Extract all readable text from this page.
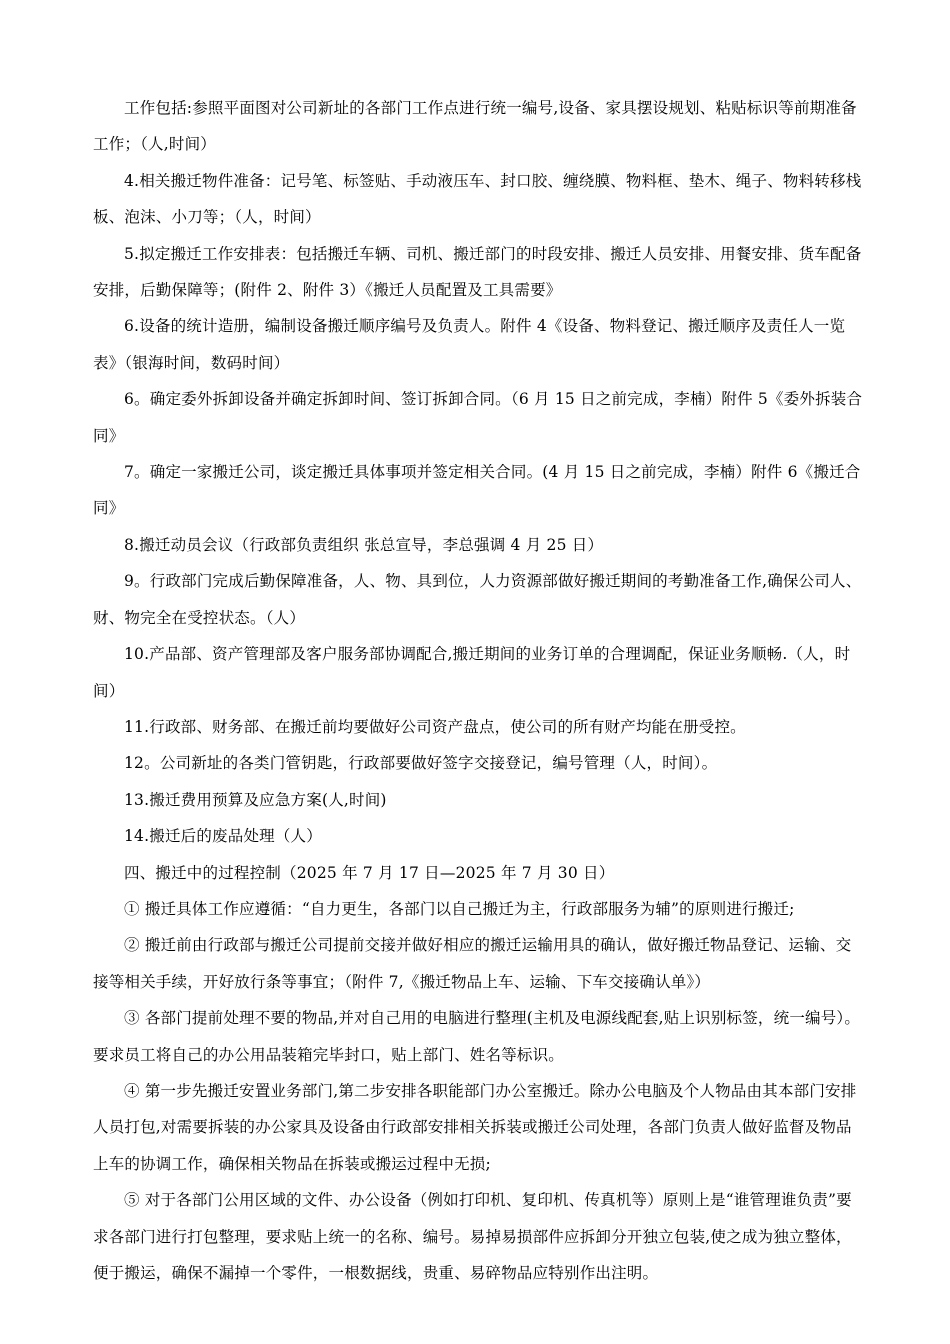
工作包括:参照平面图对公司新址的各部门工作点进行统一编号,设备、家具摆设规划、粘贴标识等前期准备工作；（人,时间）

4.相关搬迁物件准备：记号笔、标签贴、手动液压车、封口胶、缠绕膜、物料框、垫木、绳子、物料转移栈板、泡沫、小刀等；（人，时间）

5.拟定搬迁工作安排表：包括搬迁车辆、司机、搬迁部门的时段安排、搬迁人员安排、用餐安排、货车配备安排，后勤保障等；(附件 2、附件 3）《搬迁人员配置及工具需要》

6.设备的统计造册，编制设备搬迁顺序编号及负责人。附件 4《设备、物料登记、搬迁顺序及责任人一览表》（银海时间，数码时间）

6。确定委外拆卸设备并确定拆卸时间、签订拆卸合同。（6 月 15 日之前完成，李楠）附件 5《委外拆装合同》

7。确定一家搬迁公司，谈定搬迁具体事项并签定相关合同。(4 月 15 日之前完成，李楠）附件 6《搬迁合同》

8.搬迁动员会议（行政部负责组织 张总宣导，李总强调 4 月 25 日）

9。行政部门完成后勤保障准备，人、物、具到位，人力资源部做好搬迁期间的考勤准备工作,确保公司人、财、物完全在受控状态。（人）

10.产品部、资产管理部及客户服务部协调配合,搬迁期间的业务订单的合理调配，保证业务顺畅.（人，时间）

11.行政部、财务部、在搬迁前均要做好公司资产盘点，使公司的所有财产均能在册受控。

12。公司新址的各类门管钥匙，行政部要做好签字交接登记，编号管理（人，时间）。

13.搬迁费用预算及应急方案(人,时间)

14.搬迁后的废品处理（人）

四、搬迁中的过程控制（2025 年 7 月 17 日—2025 年 7 月 30 日）

① 搬迁具体工作应遵循：“自力更生，各部门以自己搬迁为主，行政部服务为辅”的原则进行搬迁;

② 搬迁前由行政部与搬迁公司提前交接并做好相应的搬迁运输用具的确认，做好搬迁物品登记、运输、交接等相关手续，开好放行条等事宜；（附件 7,《搬迁物品上车、运输、下车交接确认单》）

③ 各部门提前处理不要的物品,并对自己用的电脑进行整理(主机及电源线配套,贴上识别标签，统一编号）。要求员工将自己的办公用品装箱完毕封口，贴上部门、姓名等标识。

④ 第一步先搬迁安置业务部门,第二步安排各职能部门办公室搬迁。除办公电脑及个人物品由其本部门安排人员打包,对需要拆装的办公家具及设备由行政部安排相关拆装或搬迁公司处理，各部门负责人做好监督及物品上车的协调工作，确保相关物品在拆装或搬运过程中无损;

⑤ 对于各部门公用区域的文件、办公设备（例如打印机、复印机、传真机等）原则上是“谁管理谁负责”要求各部门进行打包整理，要求贴上统一的名称、编号。易掉易损部件应拆卸分开独立包装,使之成为独立整体，便于搬运，确保不漏掉一个零件，一根数据线，贵重、易碎物品应特别作出注明。
